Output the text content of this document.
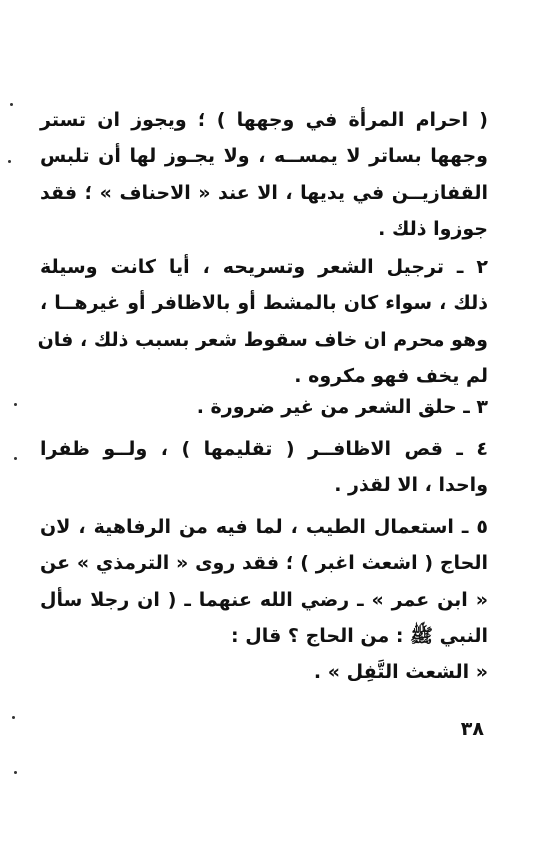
( احرام المرأة في وجهها ) ؛ ويجوز ان تستر
وجهها بساتر لا يمســه ، ولا يجـوز لها أن تلبس
القفازيــن في يديها ، الا عند « الاحناف » ؛ فقد
جوزوا ذلك .
٢ ـ ترجيل الشعر وتسريحه ، أيا كانت وسيلة
ذلك ، سواء كان بالمشط أو بالاظافر أو غيرهــا ،
وهو محرم ان خاف سقوط شعر بسبب ذلك ، فان
لم يخف فهو مكروه .
٣ ـ حلق الشعر من غير ضرورة .
٤ ـ قص الاظافــر ( تقليمها ) ، ولــو ظفرا
واحدا ، الا لقذر .
٥ ـ استعمال الطيب ، لما فيه من الرفاهية ، لان
الحاج ( اشعث اغبر ) ؛ فقد روى « الترمذي » عن
« ابن عمر » ـ رضي الله عنهما ـ ( ان رجلا سأل
النبي ﷺ : من الحاج ؟ قال :
« الشعث التَّفِل » .
٣٨
